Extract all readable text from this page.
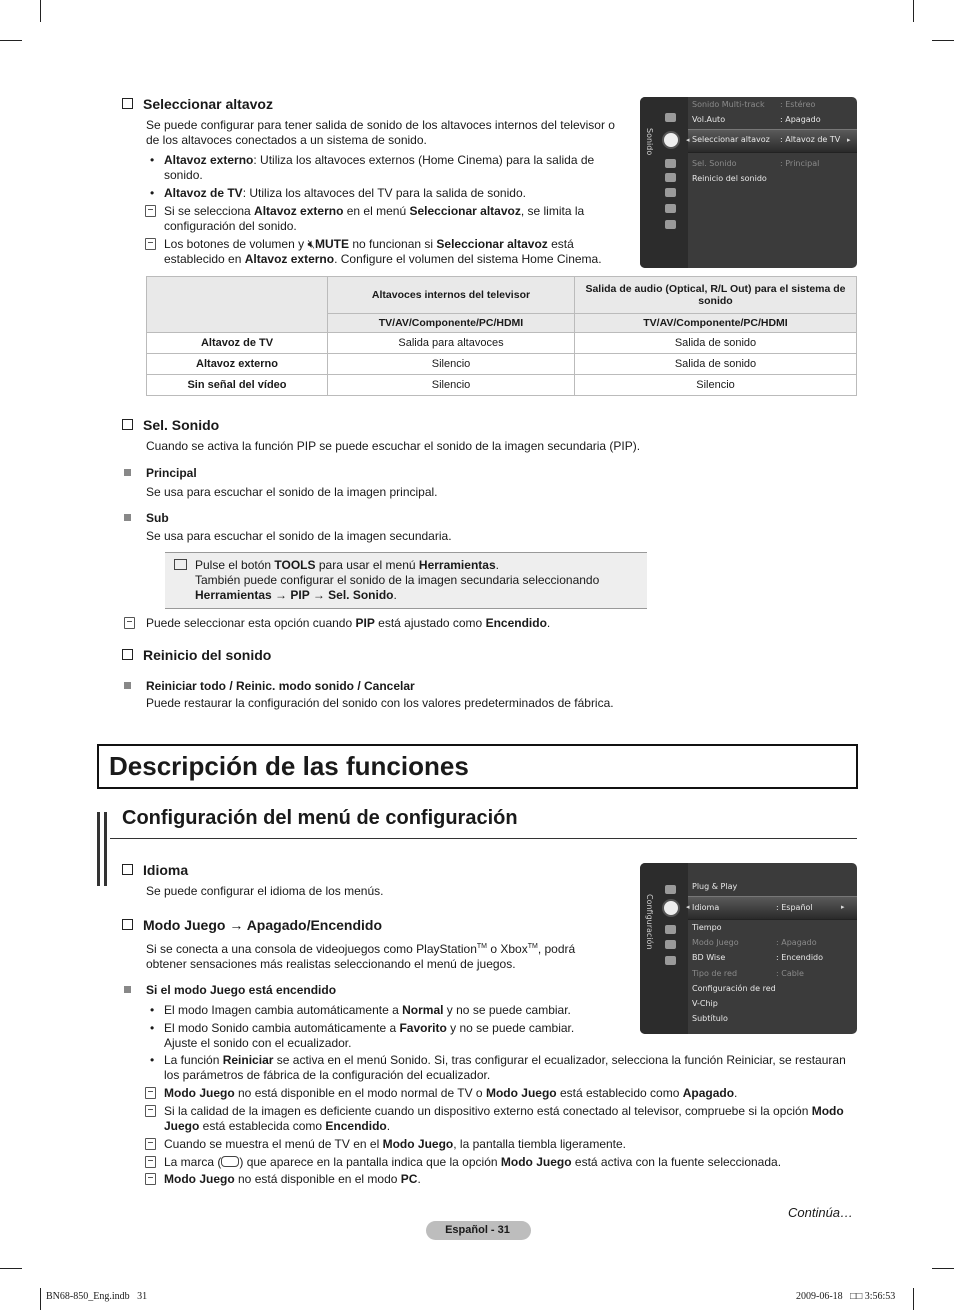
Seleccionar altavoz
Se puede configurar para tener salida de sonido de los altavoces internos del televisor o de los altavoces conectados a un sistema de sonido.
• Altavoz externo: Utiliza los altavoces externos (Home Cinema) para la salida de sonido.
• Altavoz de TV: Utiliza los altavoces del TV para la salida de sonido.
Si se selecciona Altavoz externo en el menú Seleccionar altavoz, se limita la configuración del sonido.
Los botones de volumen y 🔇︎MUTE no funcionan si Seleccionar altavoz está establecido en Altavoz externo. Configure el volumen del sistema Home Cinema.
Sonido	◂	▸
Sonido Multi-track : Estéreo
Vol.Auto	: Apagado
Seleccionar altavoz : Altavoz de TV
Sel. Sonido	: Principal
Reinicio del sonido
	Altavoces internos del televisor	Salida de audio (Optical, R/L Out) para el sistema de sonido
	TV/AV/Componente/PC/HDMI	TV/AV/Componente/PC/HDMI
Altavoz de TV	Salida para altavoces	Salida de sonido
Altavoz externo	Silencio	Salida de sonido
Sin señal del vídeo	Silencio	Silencio
Sel. Sonido
Cuando se activa la función PIP se puede escuchar el sonido de la imagen secundaria (PIP).
Principal
Se usa para escuchar el sonido de la imagen principal.
Sub
Se usa para escuchar el sonido de la imagen secundaria.
Pulse el botón TOOLS para usar el menú Herramientas.
También puede configurar el sonido de la imagen secundaria seleccionando
Herramientas → PIP → Sel. Sonido.
Puede seleccionar esta opción cuando PIP está ajustado como Encendido.
Reinicio del sonido
Reiniciar todo / Reinic. modo sonido / Cancelar
Puede restaurar la configuración del sonido con los valores predeterminados de fábrica.
Descripción de las funciones
Configuración del menú de configuración
Idioma
Se puede configurar el idioma de los menús.
Modo Juego → Apagado/Encendido
Si se conecta a una consola de videojuegos como PlayStation™ o Xbox™, podrá obtener sensaciones más realistas seleccionando el menú de juegos.
Si el modo Juego está encendido
• El modo Imagen cambia automáticamente a Normal y no se puede cambiar.
• El modo Sonido cambia automáticamente a Favorito y no se puede cambiar.
Ajuste el sonido con el ecualizador.
• La función Reiniciar se activa en el menú Sonido. Si, tras configurar el ecualizador, selecciona la función Reiniciar, se restauran los parámetros de fábrica de la configuración del ecualizador.
Modo Juego no está disponible en el modo normal de TV o Modo Juego está establecido como Apagado.
Si la calidad de la imagen es deficiente cuando un dispositivo externo está conectado al televisor, compruebe si la opción Modo Juego está establecida como Encendido.
Cuando se muestra el menú de TV en el Modo Juego, la pantalla tiembla ligeramente.
La marca ( ) que aparece en la pantalla indica que la opción Modo Juego está activa con la fuente seleccionada.
Modo Juego no está disponible en el modo PC.
Configuración	◂	▸
Plug & Play
Idioma	: Español
Tiempo
Modo Juego	: Apagado
BD Wise	: Encendido
Tipo de red	: Cable
Configuración de red
V-Chip
Subtítulo
Continúa…
Español - 31
BN68-850_Eng.indb   31	2009-06-18   □□ 3:56:53
